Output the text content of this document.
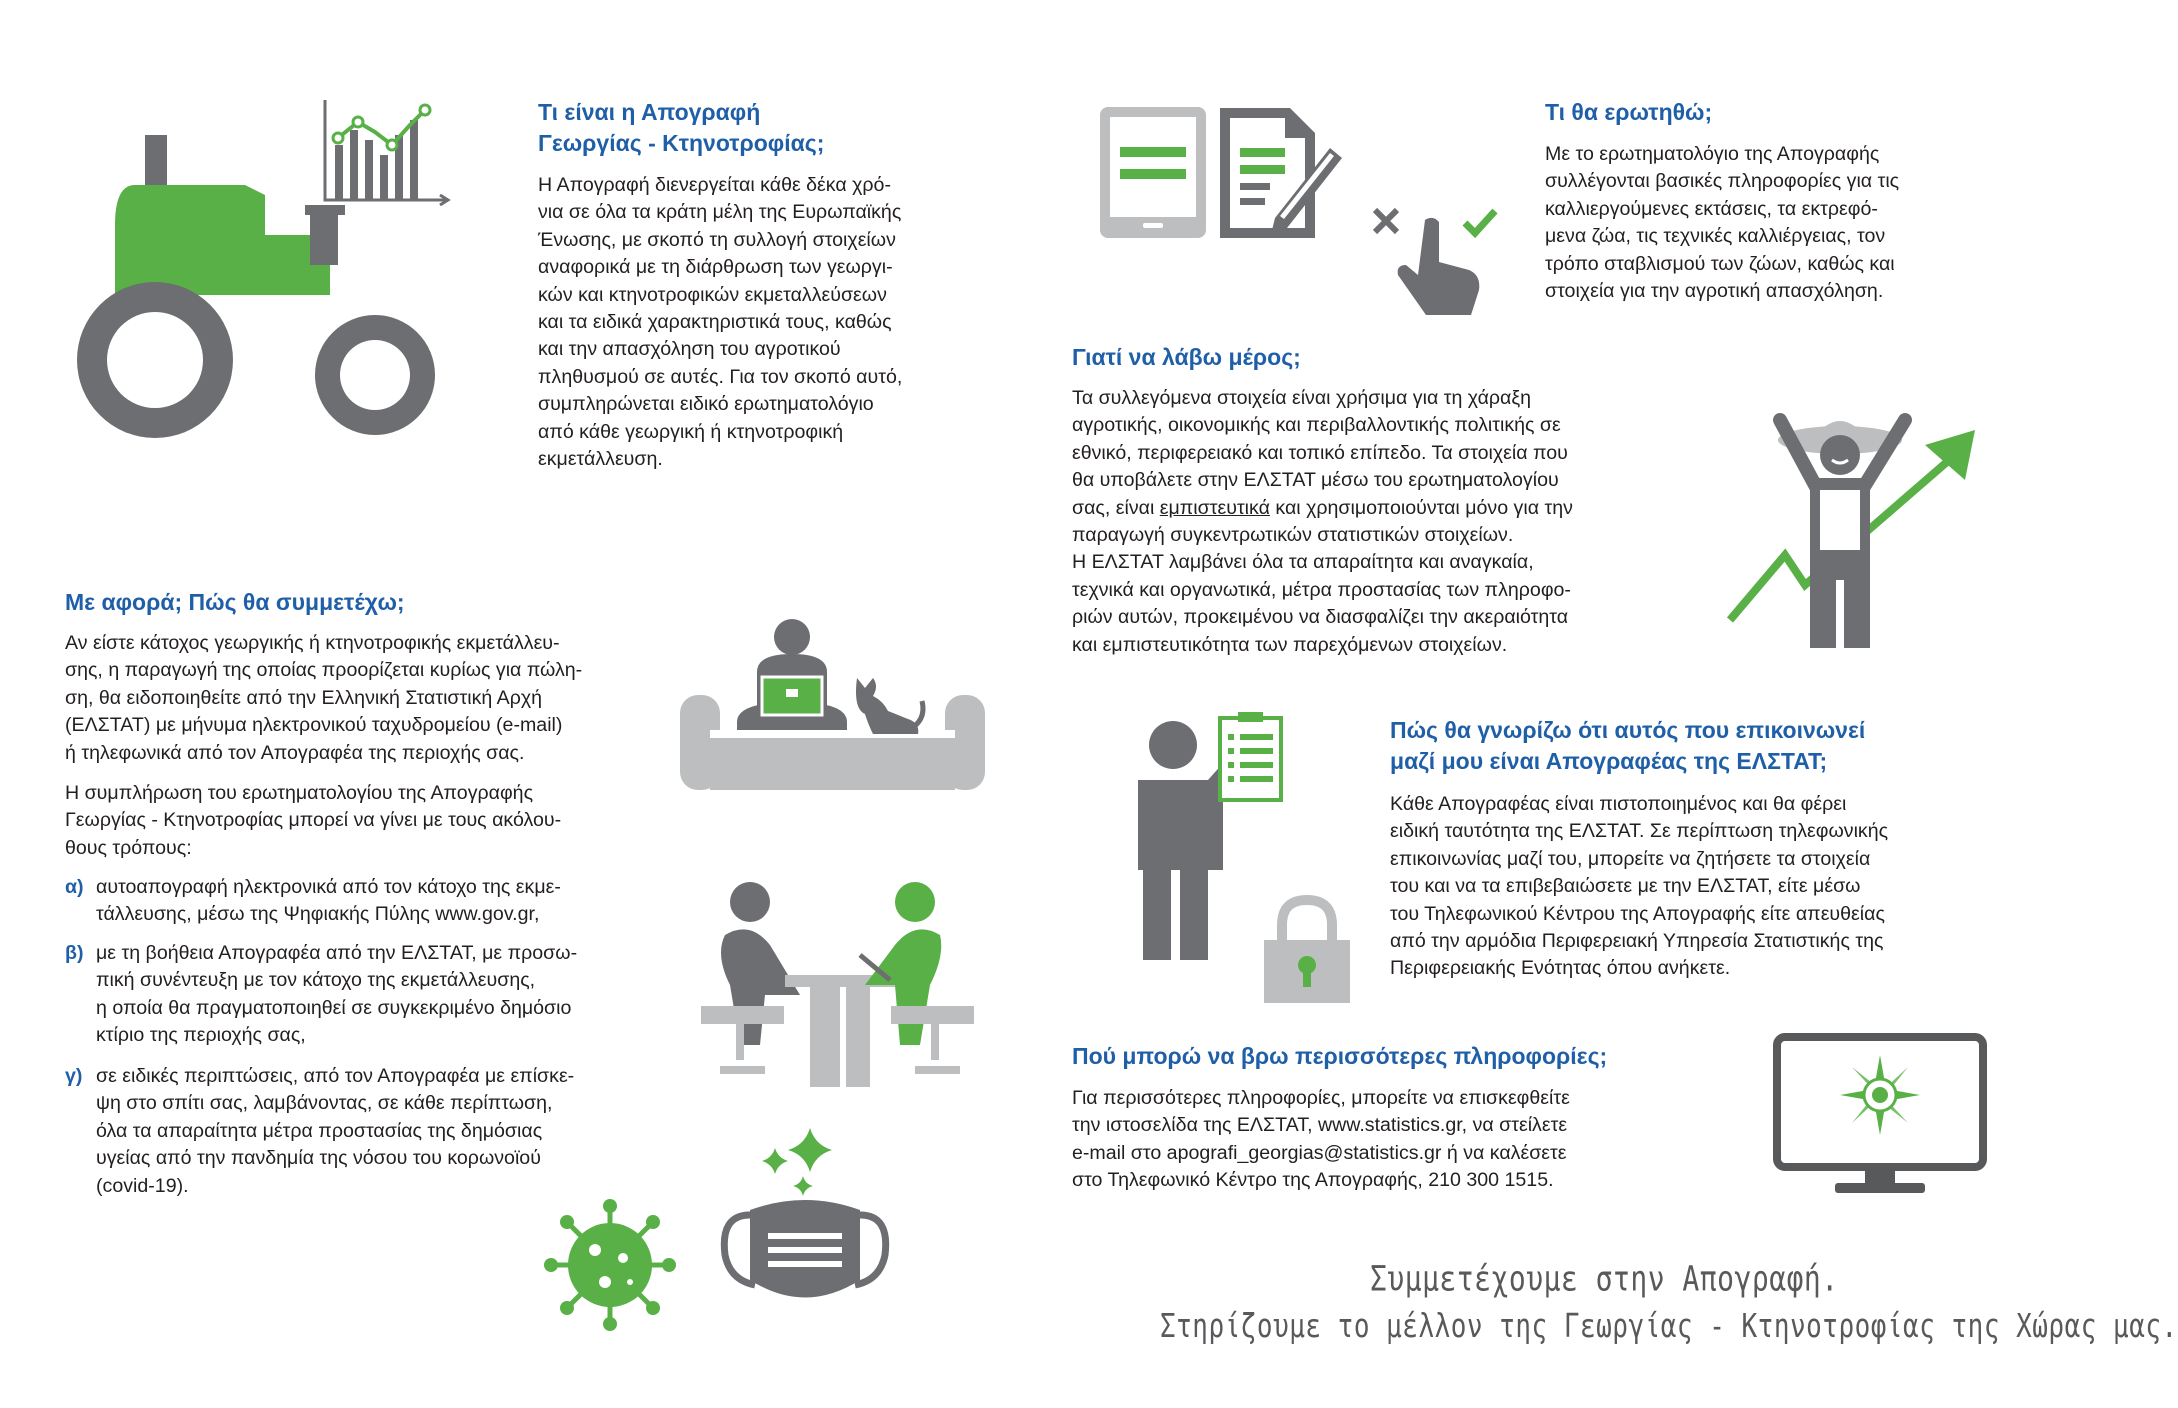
Τι είναι η Απογραφή
Γεωργίας - Κτηνοτροφίας;
Η Απογραφή διενεργείται κάθε δέκα χρό-
νια σε όλα τα κράτη μέλη της Ευρωπαϊκής
Ένωσης, με σκοπό τη συλλογή στοιχείων
αναφορικά με τη διάρθρωση των γεωργι-
κών και κτηνοτροφικών εκμεταλλεύσεων
και τα ειδικά χαρακτηριστικά τους, καθώς
και την απασχόληση του αγροτικού
πληθυσμού σε αυτές. Για τον σκοπό αυτό,
συμπληρώνεται ειδικό ερωτηματολόγιο
από κάθε γεωργική ή κτηνοτροφική
εκμετάλλευση.
Με αφορά; Πώς θα συμμετέχω;
Αν είστε κάτοχος γεωργικής ή κτηνοτροφικής εκμετάλλευ-
σης, η παραγωγή της οποίας προορίζεται κυρίως για πώλη-
ση, θα ειδοποιηθείτε από την Ελληνική Στατιστική Αρχή
(ΕΛΣΤΑΤ) με μήνυμα ηλεκτρονικού ταχυδρομείου (e-mail)
ή τηλεφωνικά από τον Απογραφέα της περιοχής σας.
Η συμπλήρωση του ερωτηματολογίου της Απογραφής
Γεωργίας - Κτηνοτροφίας μπορεί να γίνει με τους ακόλου-
θους τρόπους:
α) αυτοαπογραφή ηλεκτρονικά από τον κάτοχο της εκμε-
τάλλευσης, μέσω της Ψηφιακής Πύλης www.gov.gr,
β) με τη βοήθεια Απογραφέα από την ΕΛΣΤΑΤ, με προσω-
πική συνέντευξη με τον κάτοχο της εκμετάλλευσης,
η οποία θα πραγματοποιηθεί σε συγκεκριμένο δημόσιο
κτίριο της περιοχής σας,
γ) σε ειδικές περιπτώσεις, από τον Απογραφέα με επίσκε-
ψη στο σπίτι σας, λαμβάνοντας, σε κάθε περίπτωση,
όλα τα απαραίτητα μέτρα προστασίας της δημόσιας
υγείας από την πανδημία της νόσου του κορωνοϊού
(covid-19).
Τι θα ερωτηθώ;
Με το ερωτηματολόγιο της Απογραφής
συλλέγονται βασικές πληροφορίες για τις
καλλιεργούμενες εκτάσεις, τα εκτρεφό-
μενα ζώα, τις τεχνικές καλλιέργειας, τον
τρόπο σταβλισμού των ζώων, καθώς και
στοιχεία για την αγροτική απασχόληση.
Γιατί να λάβω μέρος;
Τα συλλεγόμενα στοιχεία είναι χρήσιμα για τη χάραξη
αγροτικής, οικονομικής και περιβαλλοντικής πολιτικής σε
εθνικό, περιφερειακό και τοπικό επίπεδο. Τα στοιχεία που
θα υποβάλετε στην ΕΛΣΤΑΤ μέσω του ερωτηματολογίου
σας, είναι εμπιστευτικά και χρησιμοποιούνται μόνο για την
παραγωγή συγκεντρωτικών στατιστικών στοιχείων.
Η ΕΛΣΤΑΤ λαμβάνει όλα τα απαραίτητα και αναγκαία,
τεχνικά και οργανωτικά, μέτρα προστασίας των πληροφο-
ριών αυτών, προκειμένου να διασφαλίζει την ακεραιότητα
και εμπιστευτικότητα των παρεχόμενων στοιχείων.
Πώς θα γνωρίζω ότι αυτός που επικοινωνεί
μαζί μου είναι Απογραφέας της ΕΛΣΤΑΤ;
Κάθε Απογραφέας είναι πιστοποιημένος και θα φέρει
ειδική ταυτότητα της ΕΛΣΤΑΤ. Σε περίπτωση τηλεφωνικής
επικοινωνίας μαζί του, μπορείτε να ζητήσετε τα στοιχεία
του και να τα επιβεβαιώσετε με την ΕΛΣΤΑΤ, είτε μέσω
του Τηλεφωνικού Κέντρου της Απογραφής είτε απευθείας
από την αρμόδια Περιφερειακή Υπηρεσία Στατιστικής της
Περιφερειακής Ενότητας όπου ανήκετε.
Πού μπορώ να βρω περισσότερες πληροφορίες;
Για περισσότερες πληροφορίες, μπορείτε να επισκεφθείτε
την ιστοσελίδα της ΕΛΣΤΑΤ, www.statistics.gr, να στείλετε
e-mail στο apografi_georgias@statistics.gr ή να καλέσετε
στο Τηλεφωνικό Κέντρο της Απογραφής, 210 300 1515.
Συμμετέχουμε στην Απογραφή.
Στηρίζουμε το μέλλον της Γεωργίας - Κτηνοτροφίας της Χώρας μας.
